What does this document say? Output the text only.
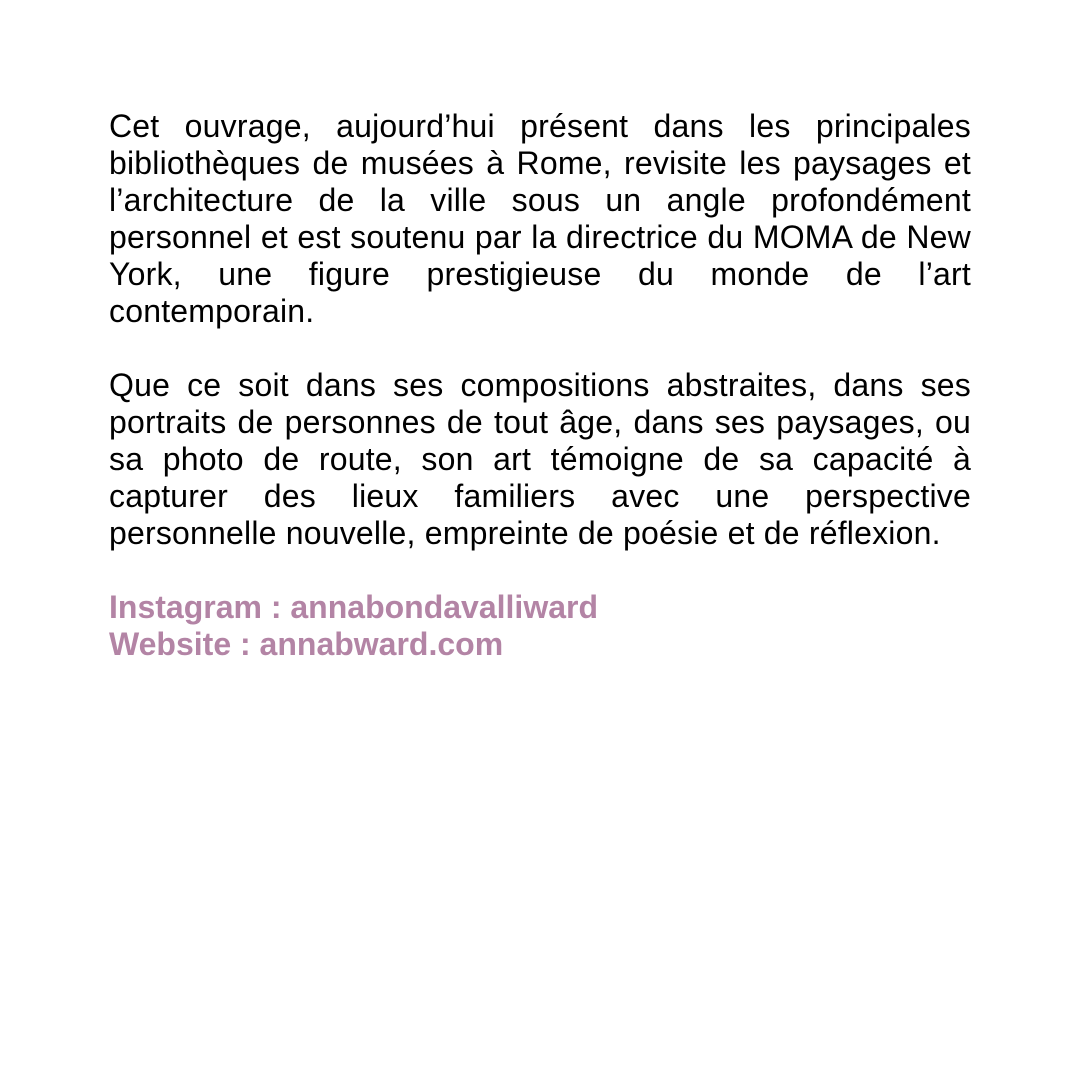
Cet ouvrage, aujourd’hui présent dans les principales bibliothèques de musées à Rome, revisite les paysages et l’architecture de la ville sous un angle profondément personnel et est soutenu par la directrice du MOMA de New York, une figure prestigieuse du monde de l’art contemporain.

Que ce soit dans ses compositions abstraites, dans ses portraits de personnes de tout âge, dans ses paysages, ou sa photo de route, son art témoigne de sa capacité à capturer des lieux familiers avec une perspective personnelle nouvelle, empreinte de poésie et de réflexion.

Instagram : annabondavalliward
Website : annabward.com
